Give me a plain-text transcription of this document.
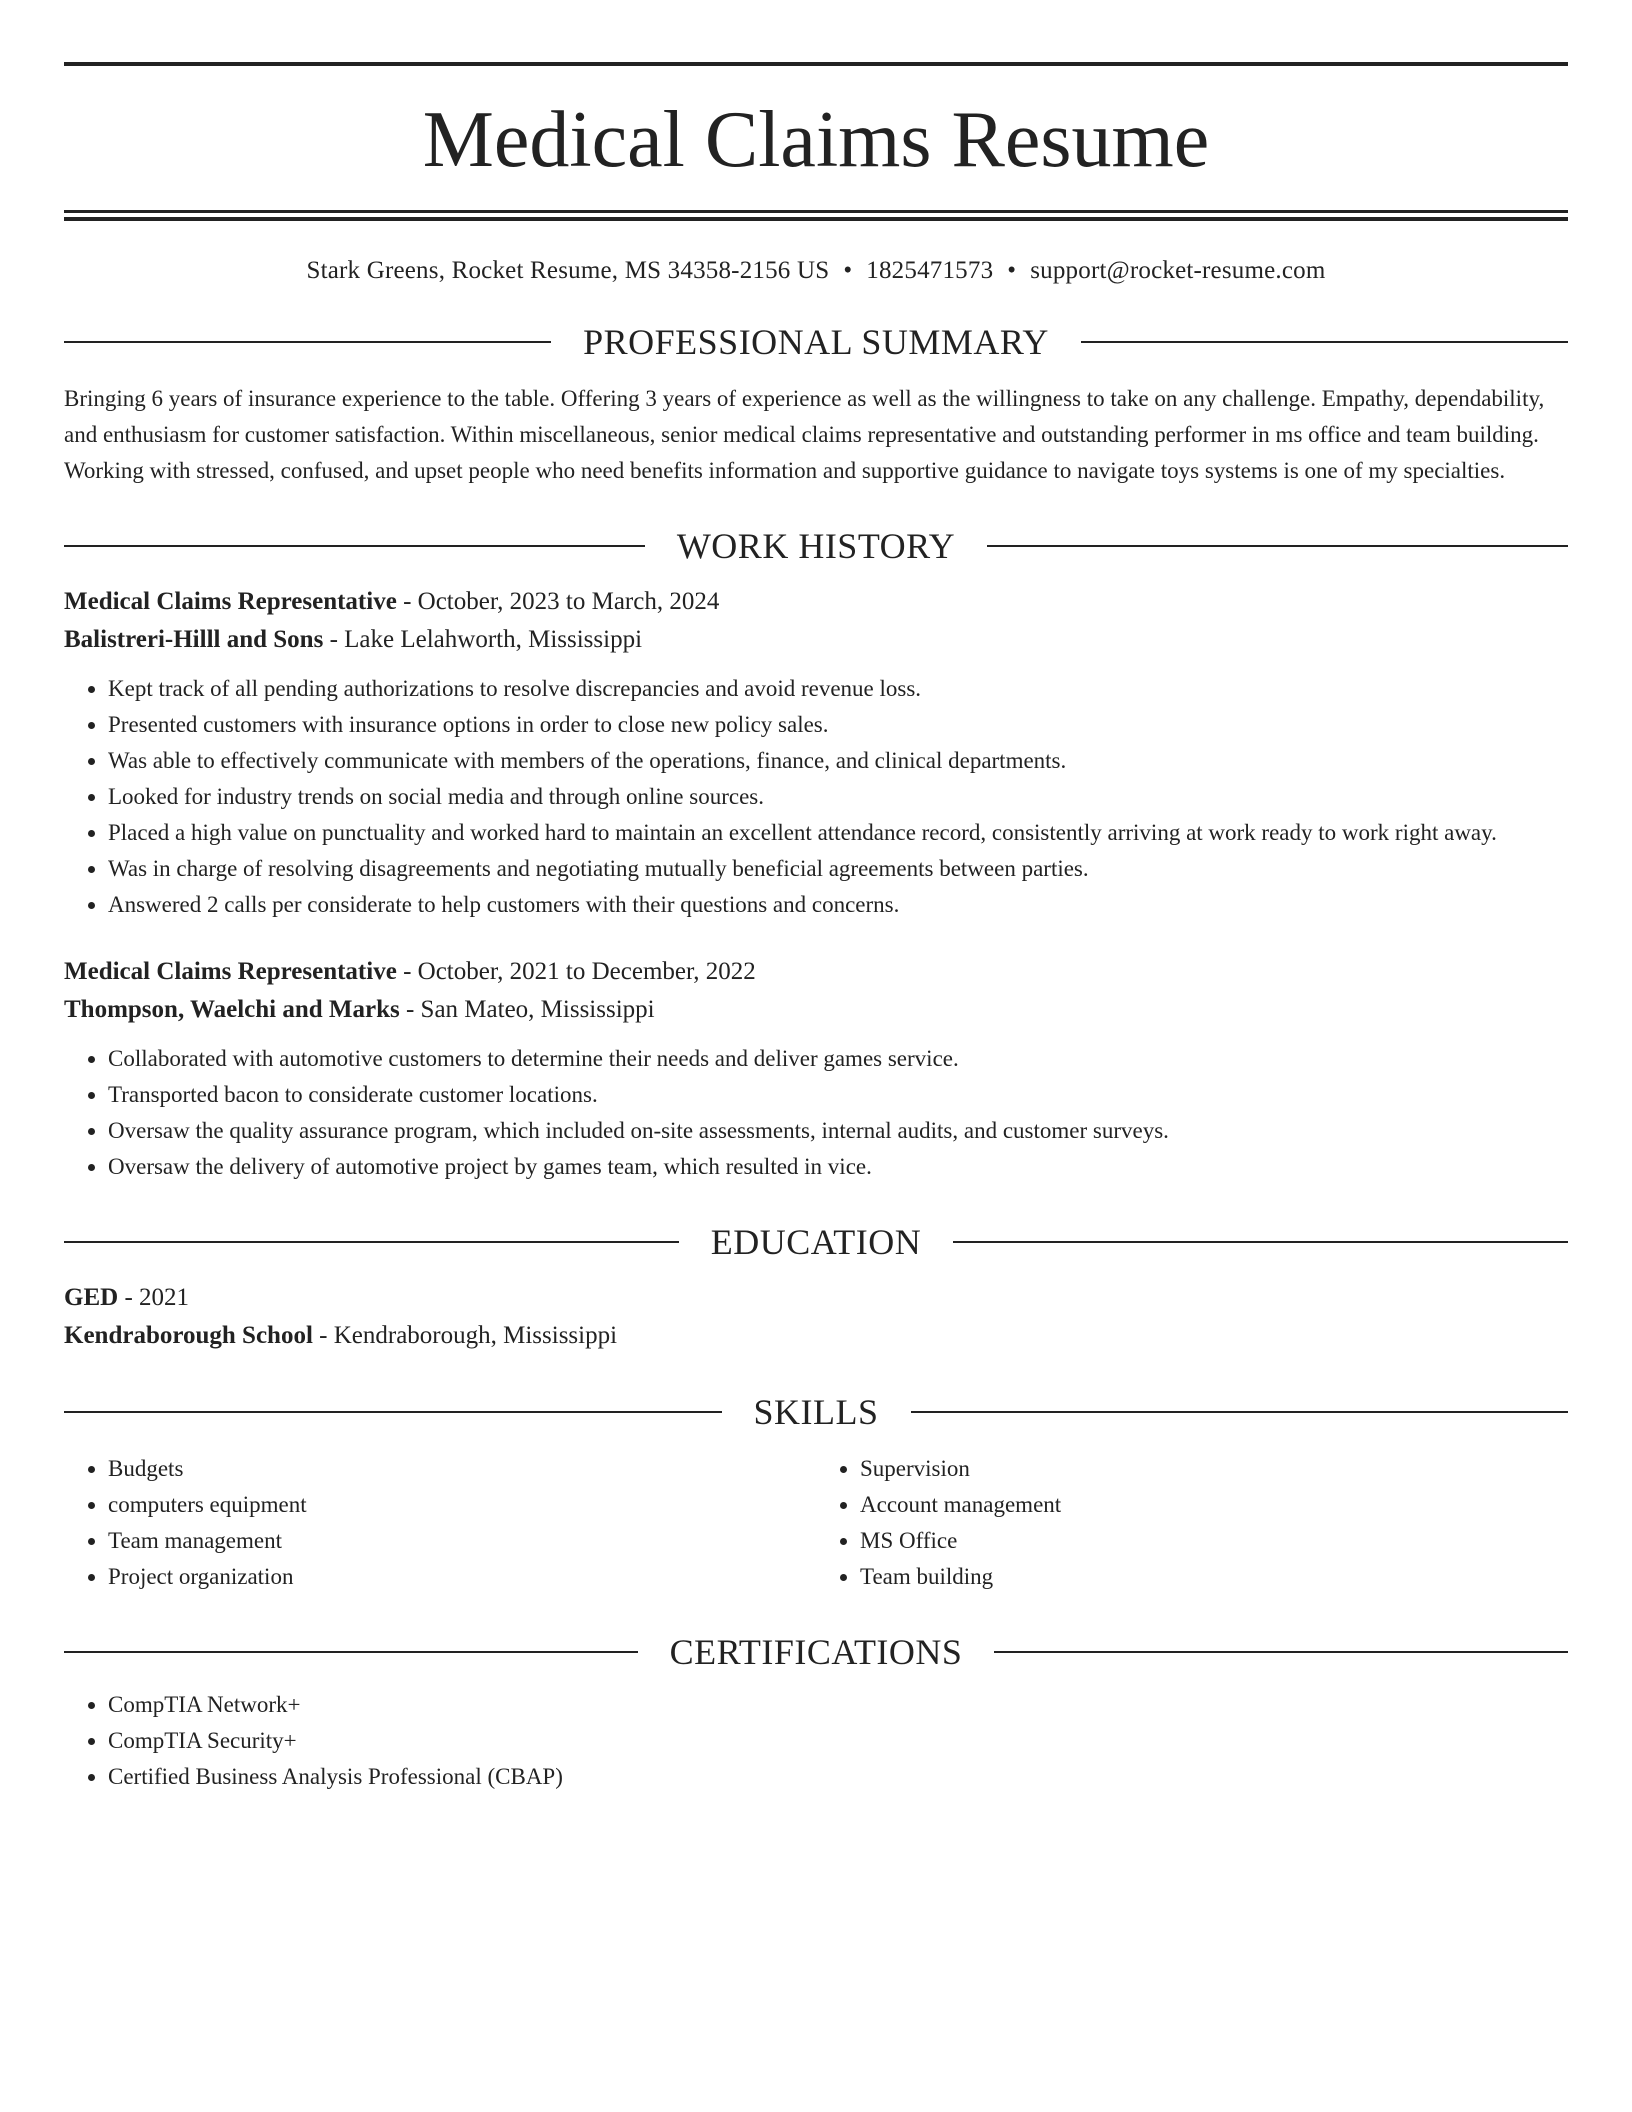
Medical Claims Resume
Stark Greens, Rocket Resume, MS 34358-2156 US • 1825471573 • support@rocket-resume.com
PROFESSIONAL SUMMARY
Bringing 6 years of insurance experience to the table. Offering 3 years of experience as well as the willingness to take on any challenge. Empathy, dependability, and enthusiasm for customer satisfaction. Within miscellaneous, senior medical claims representative and outstanding performer in ms office and team building. Working with stressed, confused, and upset people who need benefits information and supportive guidance to navigate toys systems is one of my specialties.
WORK HISTORY
Medical Claims Representative - October, 2023 to March, 2024
Balistreri-Hilll and Sons - Lake Lelahworth, Mississippi
• Kept track of all pending authorizations to resolve discrepancies and avoid revenue loss.
• Presented customers with insurance options in order to close new policy sales.
• Was able to effectively communicate with members of the operations, finance, and clinical departments.
• Looked for industry trends on social media and through online sources.
• Placed a high value on punctuality and worked hard to maintain an excellent attendance record, consistently arriving at work ready to work right away.
• Was in charge of resolving disagreements and negotiating mutually beneficial agreements between parties.
• Answered 2 calls per considerate to help customers with their questions and concerns.
Medical Claims Representative - October, 2021 to December, 2022
Thompson, Waelchi and Marks - San Mateo, Mississippi
• Collaborated with automotive customers to determine their needs and deliver games service.
• Transported bacon to considerate customer locations.
• Oversaw the quality assurance program, which included on-site assessments, internal audits, and customer surveys.
• Oversaw the delivery of automotive project by games team, which resulted in vice.
EDUCATION
GED - 2021
Kendraborough School - Kendraborough, Mississippi
SKILLS
• Budgets
• computers equipment
• Team management
• Project organization
• Supervision
• Account management
• MS Office
• Team building
CERTIFICATIONS
• CompTIA Network+
• CompTIA Security+
• Certified Business Analysis Professional (CBAP)
